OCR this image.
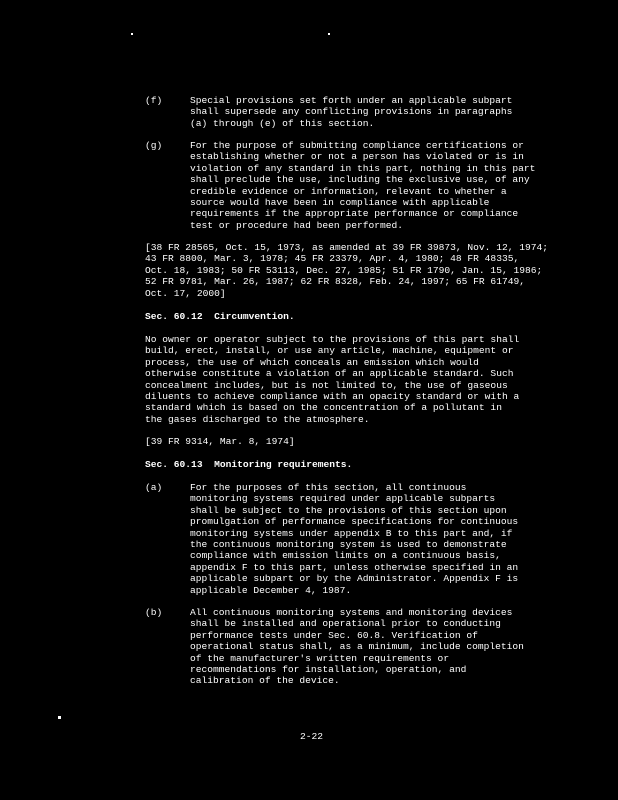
(f)	Special provisions set forth under an applicable subpart
shall supersede any conflicting provisions in paragraphs
(a) through (e) of this section.
(g)	For the purpose of submitting compliance certifications or
establishing whether or not a person has violated or is in
violation of any standard in this part, nothing in this part
shall preclude the use, including the exclusive use, of any
credible evidence or information, relevant to whether a
source would have been in compliance with applicable
requirements if the appropriate performance or compliance
test or procedure had been performed.
[38 FR 28565, Oct. 15, 1973, as amended at 39 FR 39873, Nov. 12, 1974;
43 FR 8800, Mar. 3, 1978; 45 FR 23379, Apr. 4, 1980; 48 FR 48335,
Oct. 18, 1983; 50 FR 53113, Dec. 27, 1985; 51 FR 1790, Jan. 15, 1986;
52 FR 9781, Mar. 26, 1987; 62 FR 8328, Feb. 24, 1997; 65 FR 61749,
Oct. 17, 2000]
Sec. 60.12  Circumvention.
No owner or operator subject to the provisions of this part shall
build, erect, install, or use any article, machine, equipment or
process, the use of which conceals an emission which would
otherwise constitute a violation of an applicable standard. Such
concealment includes, but is not limited to, the use of gaseous
diluents to achieve compliance with an opacity standard or with a
standard which is based on the concentration of a pollutant in
the gases discharged to the atmosphere.
[39 FR 9314, Mar. 8, 1974]
Sec. 60.13  Monitoring requirements.
(a)	For the purposes of this section, all continuous
monitoring systems required under applicable subparts
shall be subject to the provisions of this section upon
promulgation of performance specifications for continuous
monitoring systems under appendix B to this part and, if
the continuous monitoring system is used to demonstrate
compliance with emission limits on a continuous basis,
appendix F to this part, unless otherwise specified in an
applicable subpart or by the Administrator. Appendix F is
applicable December 4, 1987.
(b)	All continuous monitoring systems and monitoring devices
shall be installed and operational prior to conducting
performance tests under Sec. 60.8. Verification of
operational status shall, as a minimum, include completion
of the manufacturer's written requirements or
recommendations for installation, operation, and
calibration of the device.
2-22
